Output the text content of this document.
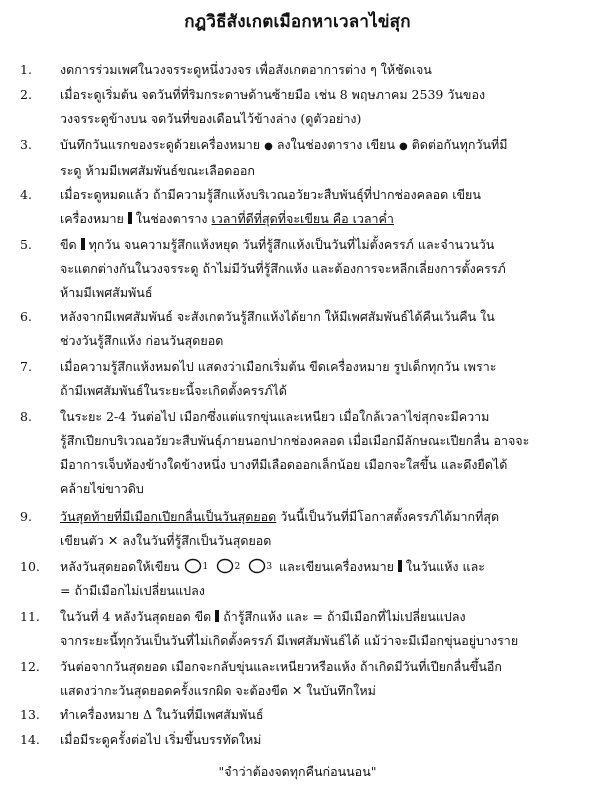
กฎวิธีสังเกตเมือกหาเวลาไข่สุก
1.	งดการร่วมเพศในวงจรระดูหนึ่งวงจร เพื่อสังเกตอาการต่าง ๆ ให้ชัดเจน
2.	เมื่อระดูเริ่มต้น จดวันที่ที่ริมกระดาษด้านซ้ายมือ เช่น 8 พฤษภาคม 2539 วันของ
วงจรระดูข้างบน จดวันที่ของเดือนไว้ข้างล่าง (ดูตัวอย่าง)
3.	บันทึกวันแรกของระดูด้วยเครื่องหมาย ● ลงในช่องตาราง เขียน ● ติดต่อกันทุกวันที่มี
ระดู ห้ามมีเพศสัมพันธ์ขณะเลือดออก
4.	เมื่อระดูหมดแล้ว ถ้ามีความรู้สึกแห้งบริเวณอวัยวะสืบพันธุ์ที่ปากช่องคลอด เขียน
เครื่องหมาย ในช่องตาราง เวลาที่ดีที่สุดที่จะเขียน คือ เวลาค่ำ
5.	ขีด ทุกวัน จนความรู้สึกแห้งหยุด วันที่รู้สึกแห้งเป็นวันที่ไม่ตั้งครรภ์ และจำนวนวัน
จะแตกต่างกันในวงจรระดู ถ้าไม่มีวันที่รู้สึกแห้ง และต้องการจะหลีกเลี่ยงการตั้งครรภ์
ห้ามมีเพศสัมพันธ์
6.	หลังจากมีเพศสัมพันธ์ จะสังเกตวันรู้สึกแห้งได้ยาก ให้มีเพศสัมพันธ์ได้คืนเว้นคืน ใน
ช่วงวันรู้สึกแห้ง ก่อนวันสุดยอด
7.	เมื่อความรู้สึกแห้งหมดไป แสดงว่าเมือกเริ่มต้น ขีดเครื่องหมาย รูปเด็กทุกวัน เพราะ
ถ้ามีเพศสัมพันธ์ในระยะนี้จะเกิดตั้งครรภ์ได้
8.	ในระยะ 2-4 วันต่อไป เมือกซึ่งแต่แรกขุ่นและเหนียว เมื่อใกล้เวลาไข่สุกจะมีความ
รู้สึกเปียกบริเวณอวัยวะสืบพันธุ์ภายนอกปากช่องคลอด เมื่อเมือกมีลักษณะเปียกลื่น อาจจะ
มีอาการเจ็บท้องข้างใดข้างหนึ่ง บางทีมีเลือดออกเล็กน้อย เมือกจะใสขึ้น และดึงยืดได้
คล้ายไข่ขาวดิบ
9.	วันสุดท้ายที่มีเมือกเปียกลื่นเป็นวันสุดยอด วันนี้เป็นวันที่มีโอกาสตั้งครรภ์ได้มากที่สุด
เขียนตัว ✕ ลงในวันที่รู้สึกเป็นวันสุดยอด
10.	หลังวันสุดยอดให้เขียน	1
	2
	3 และเขียนเครื่องหมาย ในวันแห้ง และ
= ถ้ามีเมือกไม่เปลี่ยนแปลง
11.	ในวันที่ 4 หลังวันสุดยอด ขีด ถ้ารู้สึกแห้ง และ = ถ้ามีเมือกที่ไม่เปลี่ยนแปลง
จากระยะนี้ทุกวันเป็นวันที่ไม่เกิดตั้งครรภ์ มีเพศสัมพันธ์ได้ แม้ว่าจะมีเมือกขุ่นอยู่บางราย
12.	วันต่อจากวันสุดยอด เมือกจะกลับขุ่นและเหนียวหรือแห้ง ถ้าเกิดมีวันที่เปียกลื่นขึ้นอีก
แสดงว่ากะวันสุดยอดครั้งแรกผิด จะต้องขีด ✕ ในบันทึกใหม่
13.	ทำเครื่องหมาย Δ ในวันที่มีเพศสัมพันธ์
14.	เมื่อมีระดูครั้งต่อไป เริ่มขึ้นบรรทัดใหม่
"จำว่าต้องจดทุกคืนก่อนนอน"
